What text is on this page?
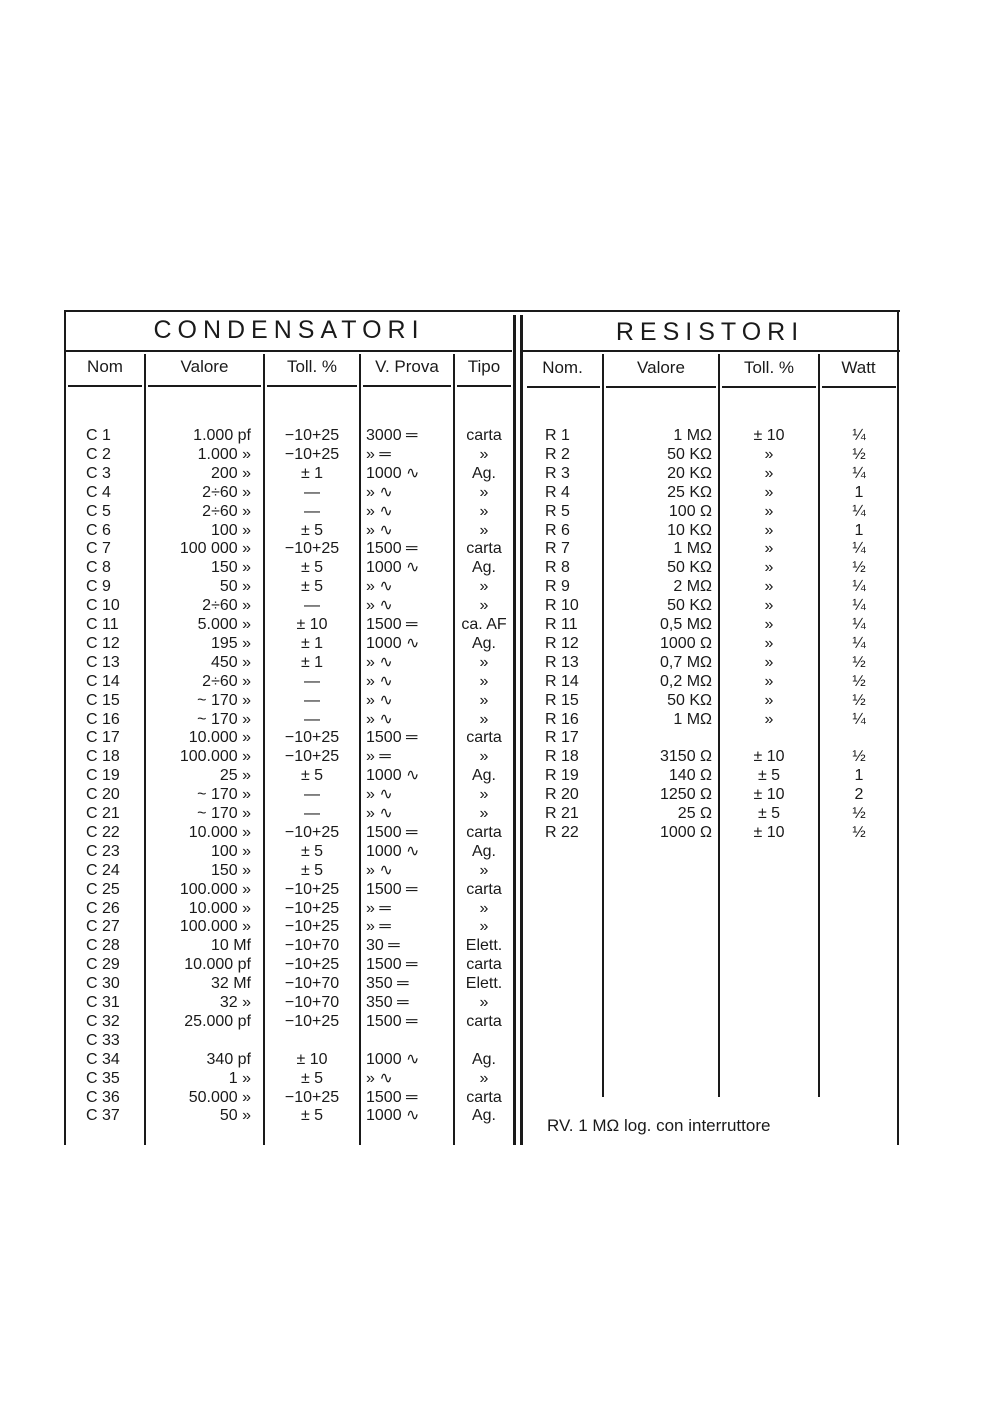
CONDENSATORI	RESISTORI
Nom	Valore	Toll. %	V. Prova	Tipo	Nom.	Valore	Toll. %	Watt
C 1	1.000 pf	−10+25	3000 ═	carta
C 2	1.000 »	−10+25	» ═	»
C 3	200 »	± 1	1000 ∿	Ag.
C 4	2÷60 »	—	» ∿	»
C 5	2÷60 »	—	» ∿	»
C 6	100 »	± 5	» ∿	»
C 7	100 000 »	−10+25	1500 ═	carta
C 8	150 »	± 5	1000 ∿	Ag.
C 9	50 »	± 5	» ∿	»
C 10	2÷60 »	—	» ∿	»
C 11	5.000 »	± 10	1500 ═	ca. AF
C 12	195 »	± 1	1000 ∿	Ag.
C 13	450 »	± 1	» ∿	»
C 14	2÷60 »	—	» ∿	»
C 15	~ 170 »	—	» ∿	»
C 16	~ 170 »	—	» ∿	»
C 17	10.000 »	−10+25	1500 ═	carta
C 18	100.000 »	−10+25	» ═	»
C 19	25 »	± 5	1000 ∿	Ag.
C 20	~ 170 »	—	» ∿	»
C 21	~ 170 »	—	» ∿	»
C 22	10.000 »	−10+25	1500 ═	carta
C 23	100 »	± 5	1000 ∿	Ag.
C 24	150 »	± 5	» ∿	»
C 25	100.000 »	−10+25	1500 ═	carta
C 26	10.000 »	−10+25	» ═	»
C 27	100.000 »	−10+25	» ═	»
C 28	10 Mf	−10+70	30 ═	Elett.
C 29	10.000 pf	−10+25	1500 ═	carta
C 30	32 Mf	−10+70	350 ═	Elett.
C 31	32 »	−10+70	350 ═	»
C 32	25.000 pf	−10+25	1500 ═	carta
C 33
C 34	340 pf	± 10	1000 ∿	Ag.
C 35	1 »	± 5	» ∿	»
C 36	50.000 »	−10+25	1500 ═	carta
C 37	50 »	± 5	1000 ∿	Ag.
R 1	1 MΩ	± 10	¼
R 2	50 KΩ	»	½
R 3	20 KΩ	»	¼
R 4	25 KΩ	»	1
R 5	100 Ω	»	¼
R 6	10 KΩ	»	1
R 7	1 MΩ	»	¼
R 8	50 KΩ	»	½
R 9	2 MΩ	»	¼
R 10	50 KΩ	»	¼
R 11	0,5 MΩ	»	¼
R 12	1000 Ω	»	¼
R 13	0,7 MΩ	»	½
R 14	0,2 MΩ	»	½
R 15	50 KΩ	»	½
R 16	1 MΩ	»	¼
R 17
R 18	3150 Ω	± 10	½
R 19	140 Ω	± 5	1
R 20	1250 Ω	± 10	2
R 21	25 Ω	± 5	½
R 22	1000 Ω	± 10	½
RV. 1 MΩ log. con interruttore
